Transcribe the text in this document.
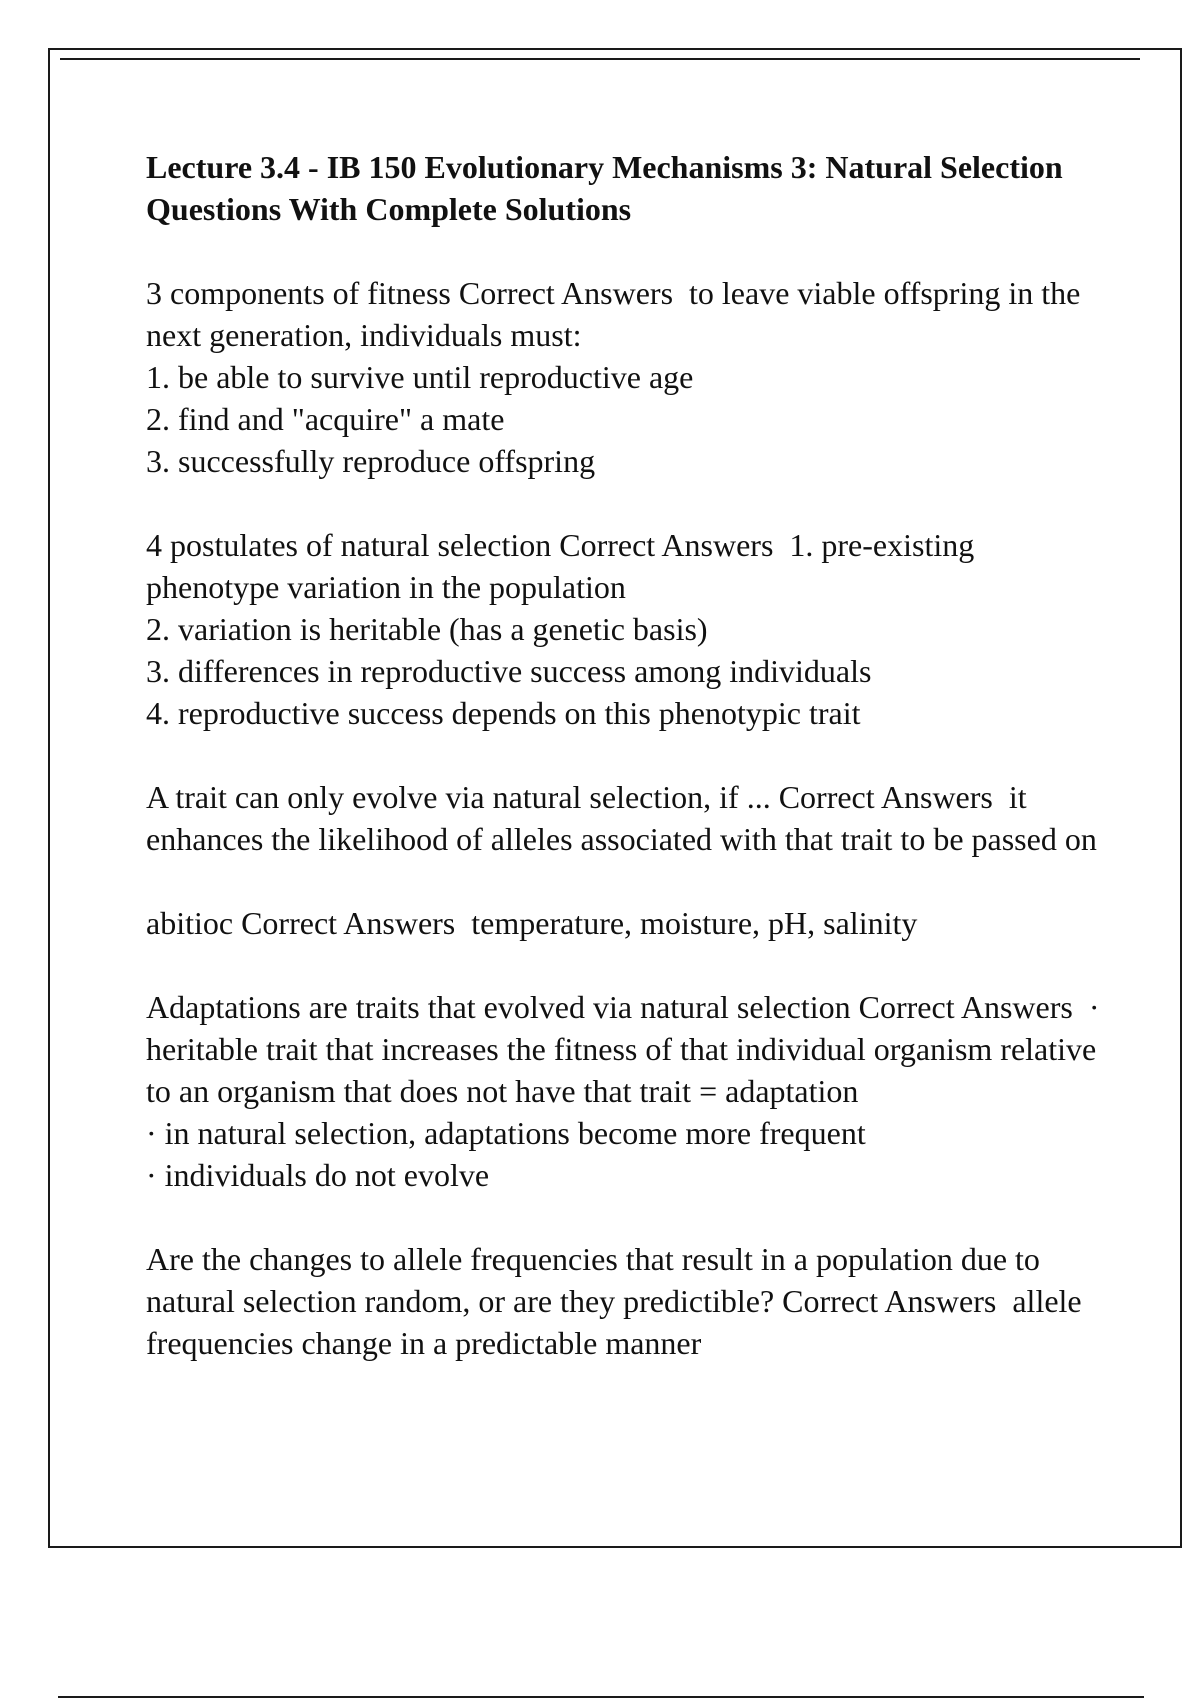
Lecture 3.4 - IB 150 Evolutionary Mechanisms 3: Natural Selection Questions With Complete Solutions
3 components of fitness Correct Answers  to leave viable offspring in the next generation, individuals must:
1. be able to survive until reproductive age
2. find and "acquire" a mate
3. successfully reproduce offspring
4 postulates of natural selection Correct Answers  1. pre-existing phenotype variation in the population
2. variation is heritable (has a genetic basis)
3. differences in reproductive success among individuals
4. reproductive success depends on this phenotypic trait
A trait can only evolve via natural selection, if ... Correct Answers  it enhances the likelihood of alleles associated with that trait to be passed on
abitioc Correct Answers  temperature, moisture, pH, salinity
Adaptations are traits that evolved via natural selection Correct Answers  · heritable trait that increases the fitness of that individual organism relative to an organism that does not have that trait = adaptation
· in natural selection, adaptations become more frequent
· individuals do not evolve
Are the changes to allele frequencies that result in a population due to natural selection random, or are they predictible? Correct Answers  allele frequencies change in a predictable manner
